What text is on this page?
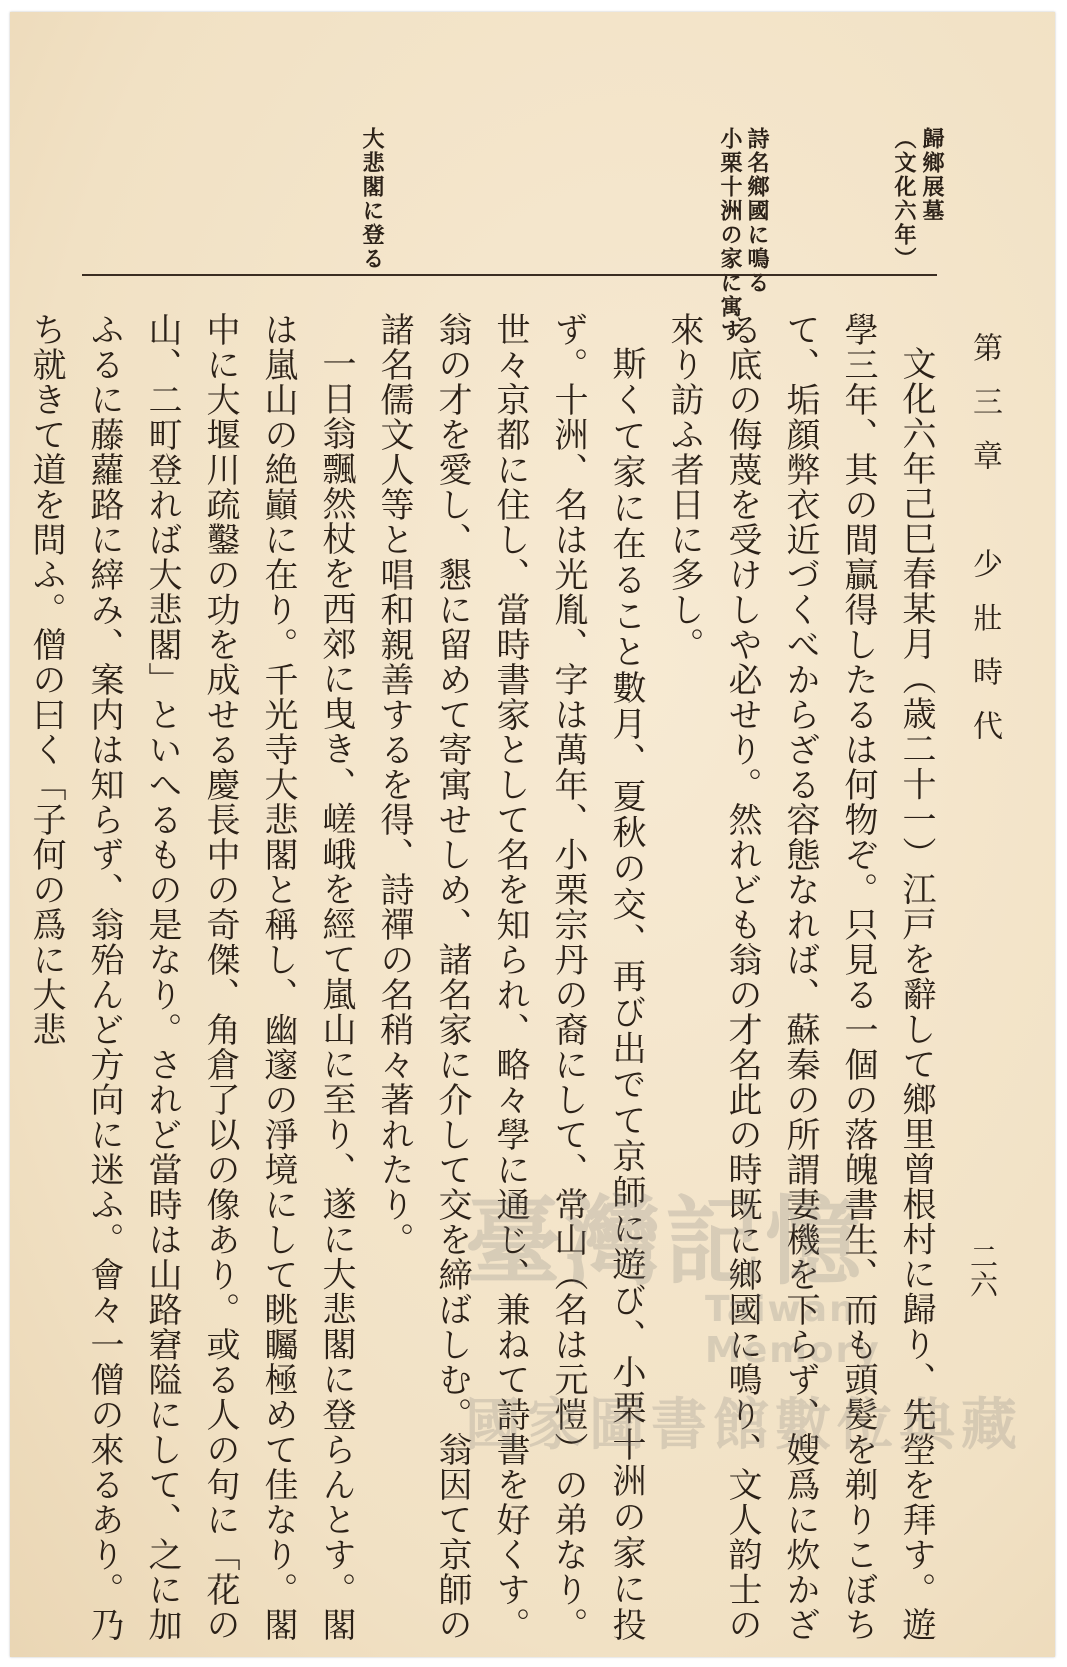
第三章　少壯時代
二六
歸鄉展墓
（文化六年）
詩名鄉國に鳴る
小栗十洲の家に寓す
大悲閣に登る

文化六年己巳春某月（歳二十一）江戸を辭して鄉里曾根村に歸り、先塋を拜す。遊學三年、其の間贏得したるは何物ぞ。只見る一個の落魄書生、而も頭髮を剃りこぼちて、垢顔弊衣近づくべからざる容態なれば、蘇秦の所謂妻機を下らず、嫂爲に炊かざる底の侮蔑を受けしや必せり。然れども翁の才名此の時既に鄉國に鳴り、文人韵士の來り訪ふ者日に多し。

斯くて家に在ること數月、夏秋の交、再び出でて京師に遊び、小栗十洲の家に投ず。十洲、名は光胤、字は萬年、小栗宗丹の裔にして、常山（名は元愷）の弟なり。世々京都に住し、當時書家として名を知られ、略々學に通じ、兼ねて詩書を好くす。翁の才を愛し、懇に留めて寄寓せしめ、諸名家に介して交を締ばしむ。翁因て京師の諸名儒文人等と唱和親善するを得、詩禪の名稍々著れたり。

一日翁飄然杖を西郊に曳き、嵯峨を經て嵐山に至り、遂に大悲閣に登らんとす。閣は嵐山の絶巓に在り。千光寺大悲閣と稱し、幽邃の淨境にして眺矚極めて佳なり。閣中に大堰川疏鑿の功を成せる慶長中の奇傑、角倉了以の像あり。或る人の句に「花の山、二町登れば大悲閣」といへるもの是なり。されど當時は山路窘隘にして、之に加ふるに藤蘿路に縡み、案内は知らず、翁殆んど方向に迷ふ。會々一僧の來るあり。乃ち就きて道を問ふ。僧の曰く「子何の爲に大悲

臺灣記憶
Taiwan Memory
國家圖書館數位典藏
